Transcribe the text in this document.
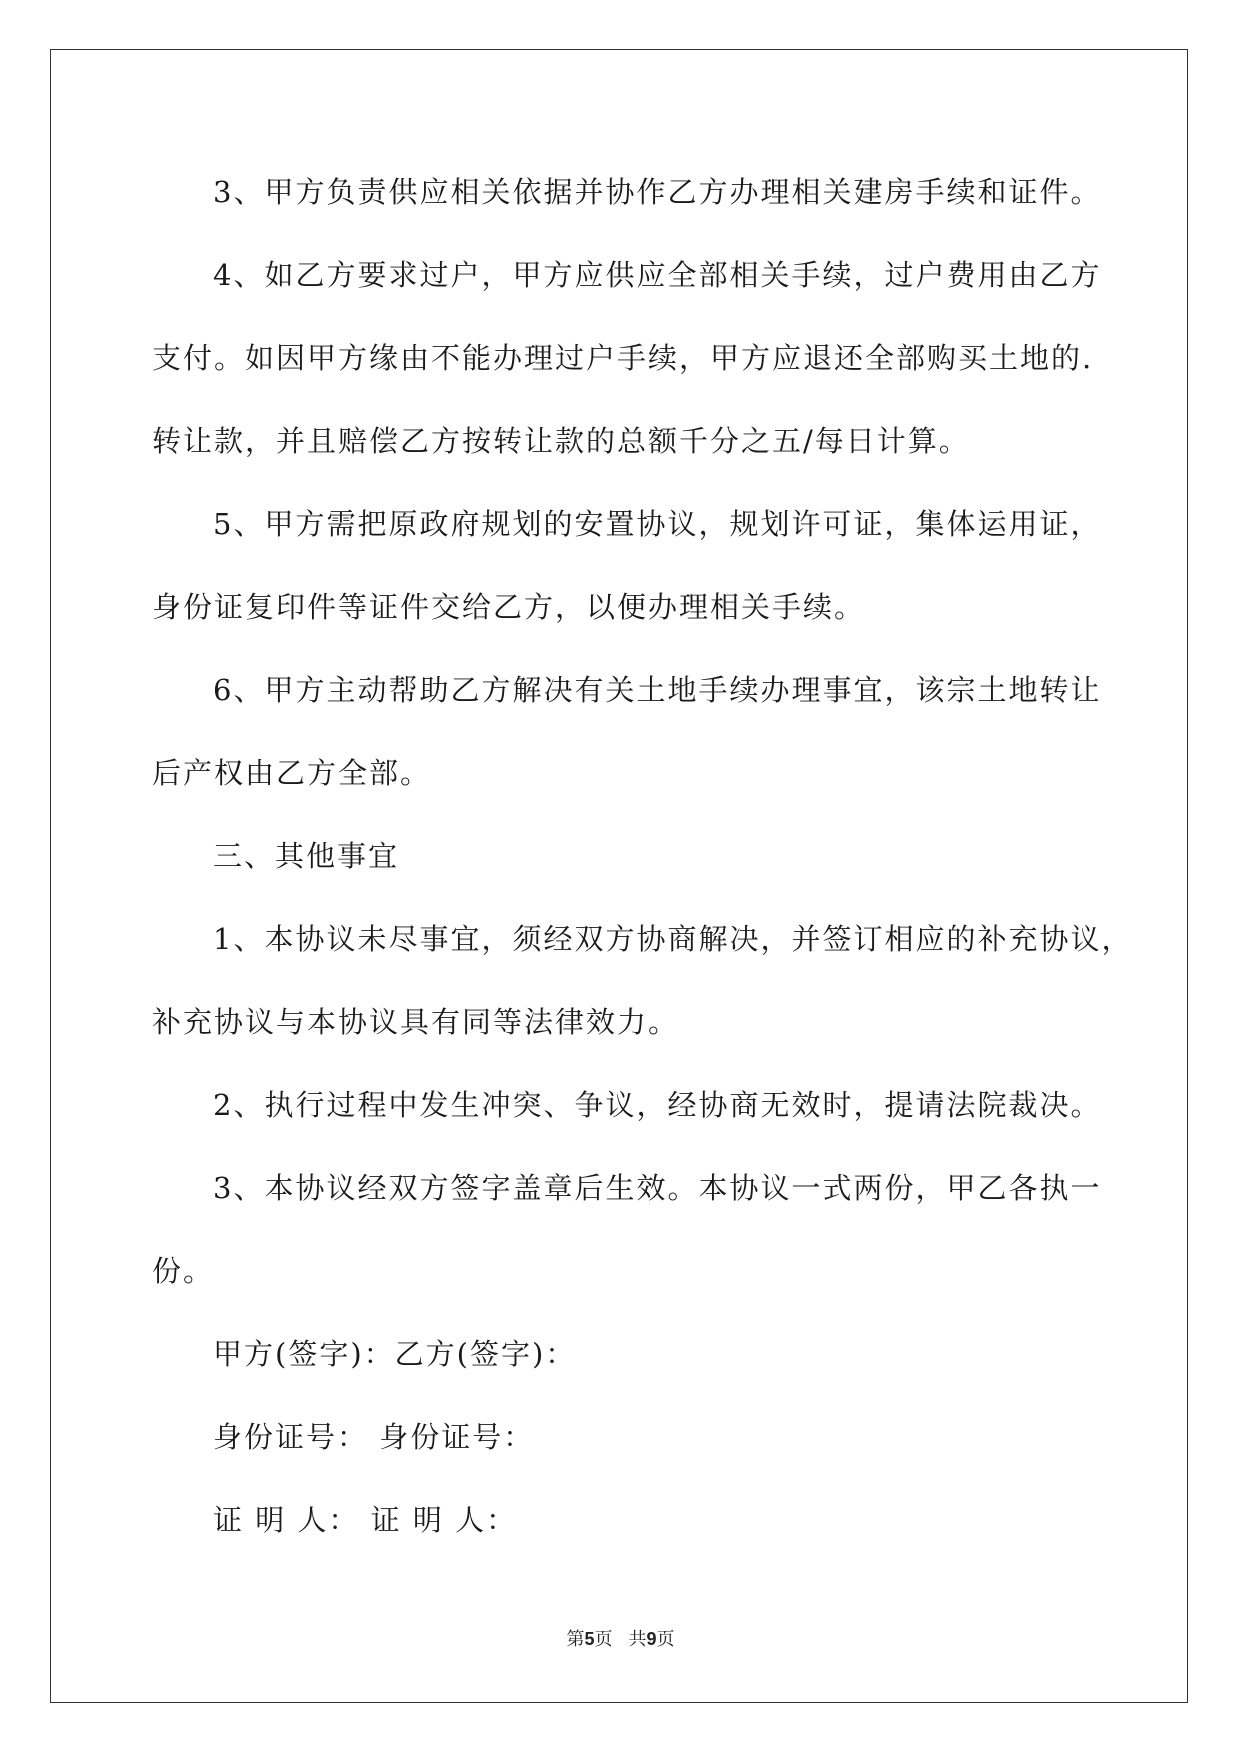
3、甲方负责供应相关依据并协作乙方办理相关建房手续和证件。
4、如乙方要求过户，甲方应供应全部相关手续，过户费用由乙方
支付。如因甲方缘由不能办理过户手续，甲方应退还全部购买土地的.
转让款，并且赔偿乙方按转让款的总额千分之五/每日计算。
5、甲方需把原政府规划的安置协议，规划许可证，集体运用证，
身份证复印件等证件交给乙方，以便办理相关手续。
6、甲方主动帮助乙方解决有关土地手续办理事宜，该宗土地转让
后产权由乙方全部。
三、其他事宜
1、本协议未尽事宜，须经双方协商解决，并签订相应的补充协议，
补充协议与本协议具有同等法律效力。
2、执行过程中发生冲突、争议，经协商无效时，提请法院裁决。
3、本协议经双方签字盖章后生效。本协议一式两份，甲乙各执一
份。
甲方(签字)：乙方(签字)：
身份证号： 身份证号：
证 明 人： 证 明 人：
第5页 共9页
